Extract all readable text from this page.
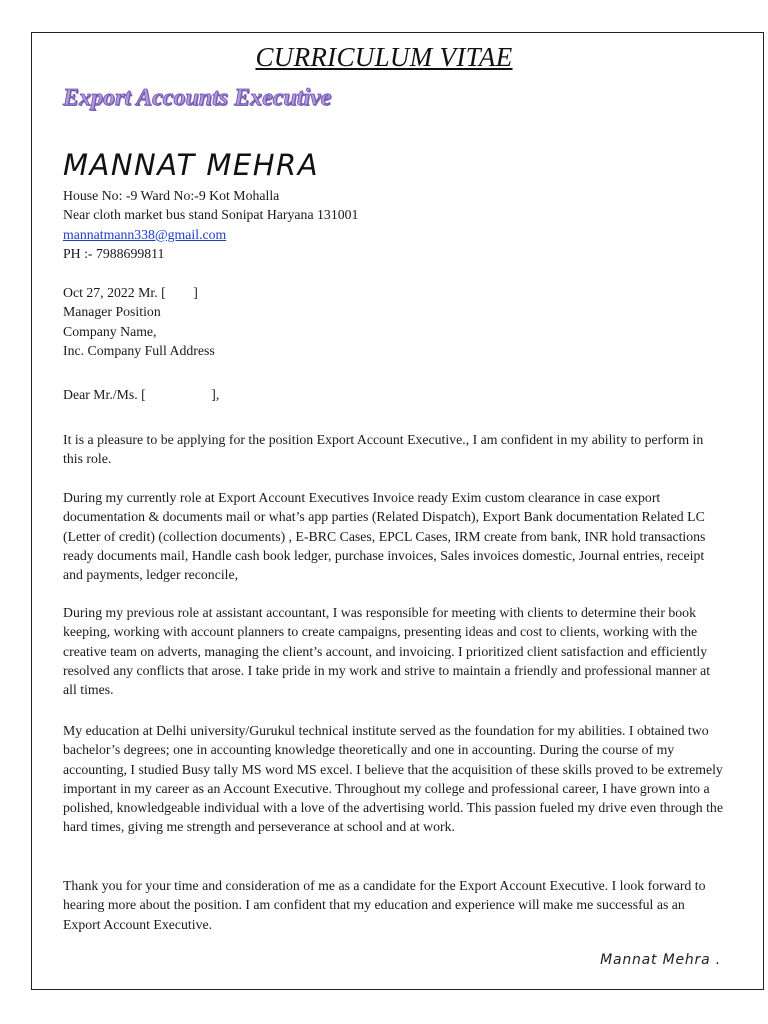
CURRICULUM VITAE
Export Accounts Executive
MANNAT MEHRA
House No: -9 Ward No:-9 Kot Mohalla
Near cloth market bus stand Sonipat Haryana 131001
mannatmann338@gmail.com
PH :- 7988699811
Oct 27, 2022 Mr. [        ]
Manager Position
Company Name,
Inc. Company Full Address
Dear Mr./Ms. [                   ],
It is a pleasure to be applying for the position Export Account Executive., I am confident in my ability to perform in this role.
During my currently role at Export Account Executives Invoice ready Exim custom clearance in case export documentation & documents mail or what’s app parties (Related Dispatch), Export Bank documentation Related LC (Letter of credit) (collection documents) , E-BRC Cases, EPCL Cases, IRM create from bank, INR hold transactions ready documents mail, Handle cash book ledger, purchase invoices, Sales invoices domestic, Journal entries, receipt and payments, ledger reconcile,
During my previous role at assistant accountant, I was responsible for meeting with clients to determine their book keeping, working with account planners to create campaigns, presenting ideas and cost to clients, working with the creative team on adverts, managing the client’s account, and invoicing. I prioritized client satisfaction and efficiently resolved any conflicts that arose. I take pride in my work and strive to maintain a friendly and professional manner at all times.
My education at Delhi university/Gurukul technical institute served as the foundation for my abilities. I obtained two bachelor’s degrees; one in accounting knowledge theoretically and one in accounting. During the course of my accounting, I studied Busy tally MS word MS excel. I believe that the acquisition of these skills proved to be extremely important in my career as an Account Executive. Throughout my college and professional career, I have grown into a polished, knowledgeable individual with a love of the advertising world. This passion fueled my drive even through the hard times, giving me strength and perseverance at school and at work.
Thank you for your time and consideration of me as a candidate for the Export Account Executive. I look forward to hearing more about the position. I am confident that my education and experience will make me successful as an Export Account Executive.
Mannat Mehra .
